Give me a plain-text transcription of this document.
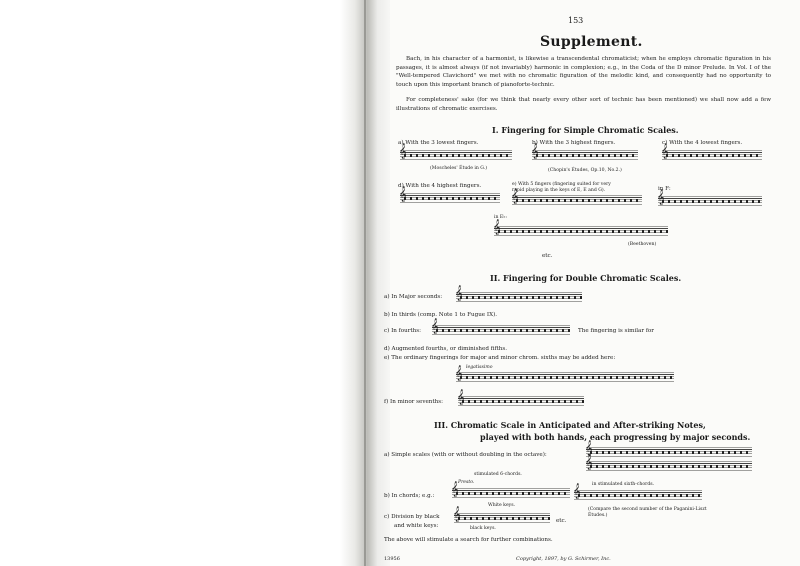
153
Supplement.
Bach, in his character of a harmonist, is likewise a transcendental chromaticist; when he employs chromatic figuration in his passages, it is almost always (if not invariably) harmonic in complexion; e.g., in the Coda of the D minor Prelude. In Vol. I of the "Well-tempered Clavichord" we met with no chromatic figuration of the melodic kind, and consequently had no opportunity to touch upon this important branch of pianoforte-technic.
For completeness' sake (for we think that nearly every other sort of technic has been mentioned) we shall now add a few illustrations of chromatic exercises.
I. Fingering for Simple Chromatic Scales.
a) With the 3 lowest fingers.
𝄞
(Moscheles' Étude in G.)
b) With the 3 highest fingers.
𝄞
(Chopin's Études, Op.10, No.2.)
c) With the 4 lowest fingers.
𝄞
d) With the 4 highest fingers.
𝄞	e) With 5 fingers (fingering suited for very rapid playing in the keys of E, E and G).
𝄞	in F:
𝄞
in E♭:
𝄞
(Beethoven)
etc.
II. Fingering for Double Chromatic Scales.
a) In Major seconds:
𝄞
b) In thirds (comp. Note 1 to Fugue IX).
c) In fourths:
𝄞	The fingering is similar for
d) Augmented fourths, or diminished fifths.
e) The ordinary fingerings for major and minor chrom. sixths may be added here:
legatissimo
𝄞
f) In minor sevenths:
𝄞
III. Chromatic Scale in Anticipated and After-striking Notes,
played with both hands, each progressing by major seconds.
a) Simple scales (with or without doubling in the octave):
𝄞
𝄞
stimulated 6-chords.
Presto.	in stimulated sixth-chords.
b) In chords; e.g.:
𝄞
𝄞
White keys.
(Compare the second number of the Paganini-Liszt Études.)
c) Division by black
and white keys:
𝄞	black keys.
etc.
The above will stimulate a search for further combinations.
13956	Copyright, 1897, by G. Schirmer, Inc.
